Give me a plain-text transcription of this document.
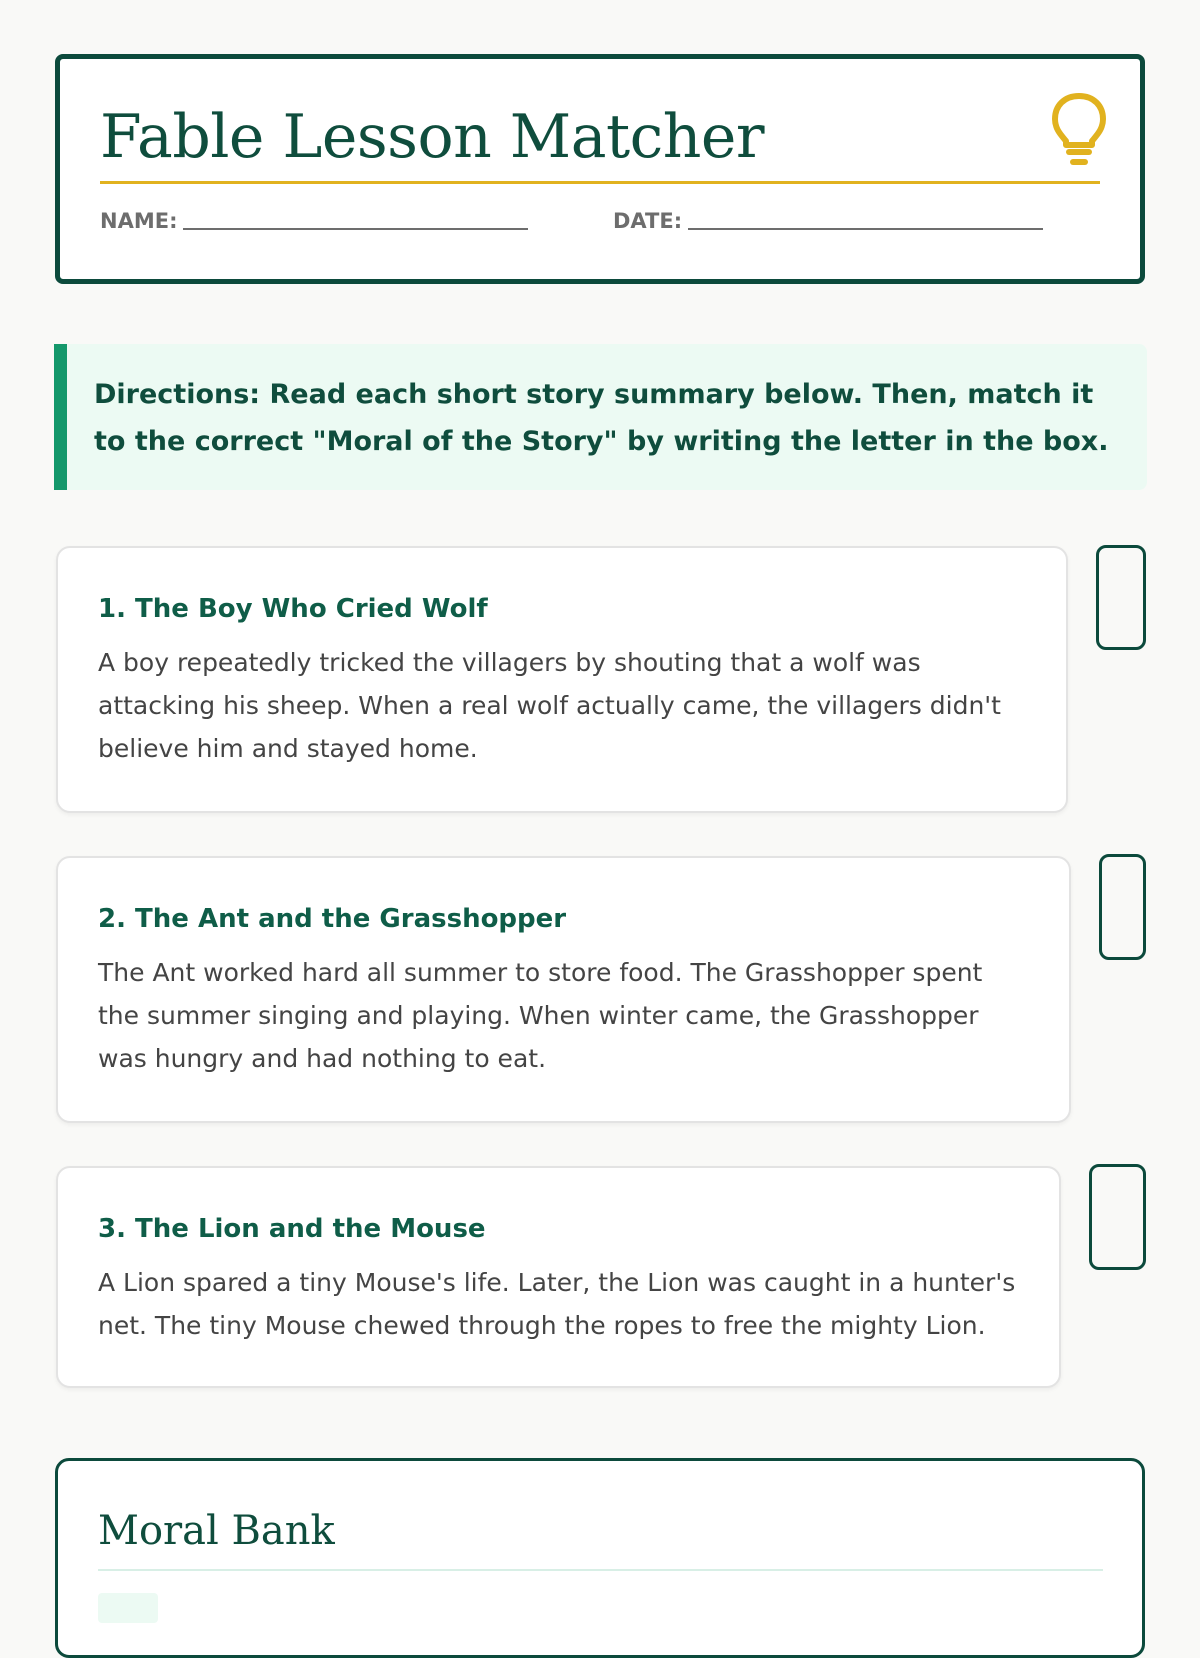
Fable Lesson Matcher
NAME:	DATE:
Directions: Read each short story summary below. Then, match it to the correct "Moral of the Story" by writing the letter in the box.

1. The Boy Who Cried Wolf

A boy repeatedly tricked the villagers by shouting that a wolf was attacking his sheep. When a real wolf actually came, the villagers didn't believe him and stayed home.

2. The Ant and the Grasshopper

The Ant worked hard all summer to store food. The Grasshopper spent the summer singing and playing. When winter came, the Grasshopper was hungry and had nothing to eat.

3. The Lion and the Mouse

A Lion spared a tiny Mouse's life. Later, the Lion was caught in a hunter's net. The tiny Mouse chewed through the ropes to free the mighty Lion.

Moral Bank
